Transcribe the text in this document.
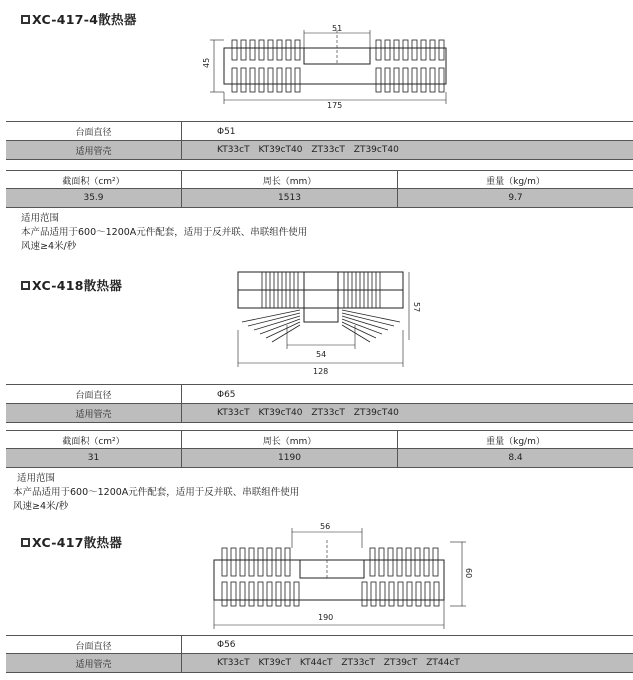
XC-417-4散热器
51
45
175
台面直径	Φ51
适用管壳	KT33cT KT39cT40 ZT33cT ZT39cT40
截面积（cm²）	周长（mm）	重量（kg/m）
35.9	1513	9.7
适用范围
本产品适用于600～1200A元件配套，适用于反并联、串联组件使用
风速≥4米/秒
XC-418散热器
54
128
57
台面直径	Φ65
适用管壳	KT33cT KT39cT40 ZT33cT ZT39cT40
截面积（cm²）	周长（mm）	重量（kg/m）
31	1190	8.4
适用范围
本产品适用于600～1200A元件配套，适用于反并联、串联组件使用
风速≥4米/秒
XC-417散热器
56
60
190
台面直径	Φ56
适用管壳	KT33cT KT39cT KT44cT ZT33cT ZT39cT ZT44cT
